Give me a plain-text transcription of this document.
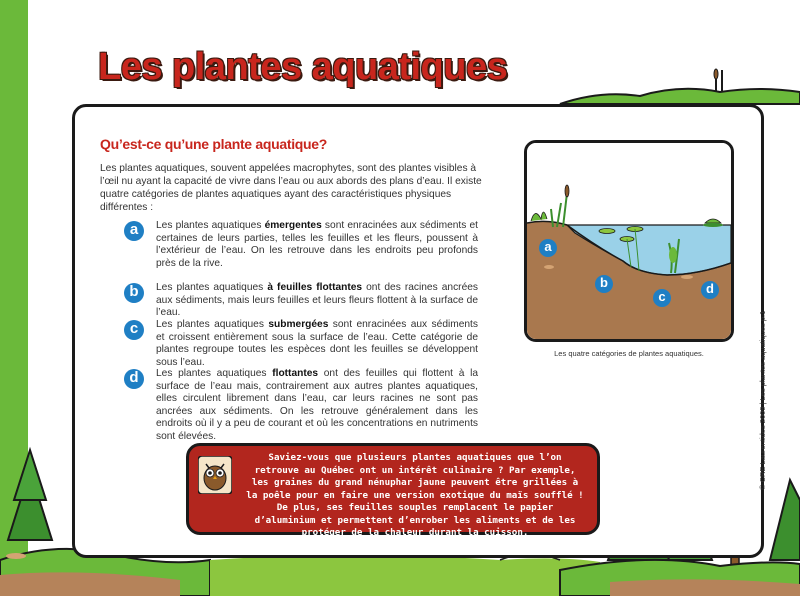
Les plantes aquatiques
Qu’est-ce qu’une plante aquatique?

Les plantes aquatiques, souvent appelées macrophytes, sont des plantes visibles à l’œil nu ayant la capacité de vivre dans l’eau ou aux abords des plans d’eau. Il existe quatre catégories de plantes aquatiques ayant des caractéristiques physiques différentes :

a	Les plantes aquatiques émergentes sont enracinées aux sédiments et certaines de leurs parties, telles les feuilles et les fleurs, poussent à l’extérieur de l’eau. On les retrouve dans les endroits peu profonds près de la rive.

b	Les plantes aquatiques à feuilles flottantes ont des racines ancrées aux sédiments, mais leurs feuilles et leurs fleurs flottent à la surface de l’eau.

c	Les plantes aquatiques submergées sont enracinées aux sédiments et croissent entièrement sous la surface de l’eau. Cette catégorie de plantes regroupe toutes les espèces dont les feuilles se développent sous l’eau.

d	Les plantes aquatiques flottantes ont des feuilles qui flottent à la surface de l’eau mais, contrairement aux autres plantes aquatiques, elles circulent librement dans l’eau, car leurs racines ne sont pas ancrées aux sédiments. On les retrouve généralement dans les endroits où il y a peu de courant et où les concentrations en nutriments sont élevées.

a
b
c
d

Les quatre catégories de plantes aquatiques.

Saviez-vous que plusieurs plantes aquatiques que l’on retrouve au Québec ont un intérêt culinaire ? Par exemple, les graines du grand nénuphar jaune peuvent être grillées à la poêle pour en faire une version exotique du maïs soufflé ! De plus, ses feuilles souples remplacent le papier d’aluminium et permettent d’enrober les aliments et de les protéger de la chaleur durant la cuisson.

© CRE Laurentides 2009 | Les plantes aquatiques p.1
